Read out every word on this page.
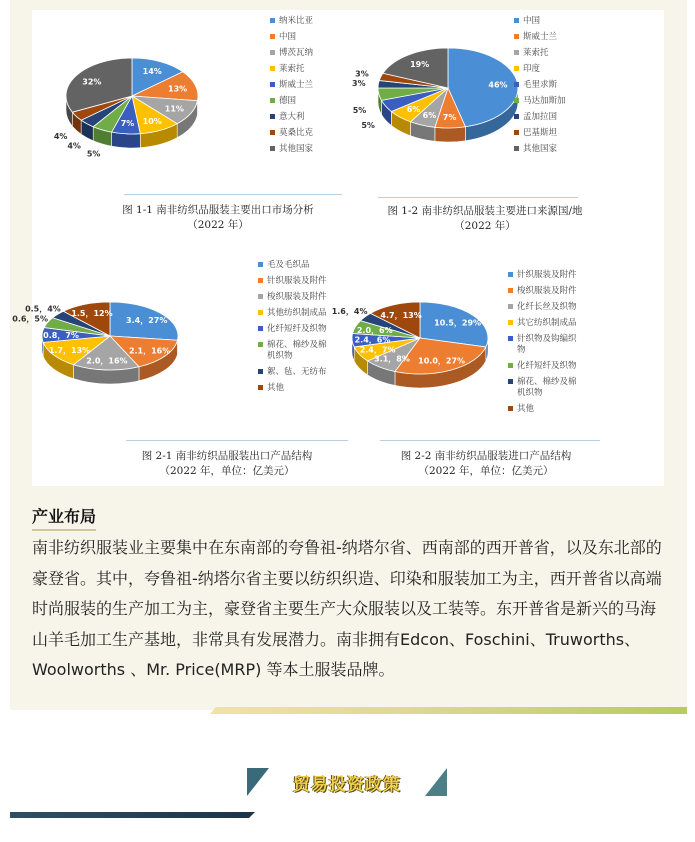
14%
13%
11%
10%
7%
5%
4%
4%
32%
纳米比亚
中国
博茨瓦纳
莱索托
斯威士兰
德国
意大利
莫桑比克
其他国家
图 1-1 南非纺织品服装主要出口市场分析
（2022 年）
46%
7%
6%
6%
5%
5%
3%
3%
19%
中国
斯威士兰
莱索托
印度
毛里求斯
马达加斯加
孟加拉国
巴基斯坦
其他国家
图 1-2 南非纺织品服装主要进口来源国/地
（2022 年）
3.4，27%
2.1，16%
2.0，16%
1.7，13%
0.8，7%
0.6，5%
0.5，4%
1.5，12%
毛及毛织品
针织服装及附件
梭织服装及附件
其他纺织制成品
化纤短纤及织物
棉花、棉纱及棉机织物
絮、毡、无纺布
其他
图 2-1 南非纺织品服装出口产品结构
（2022 年，单位：亿美元）
10.5，29%
10.0，27%
3.1，8%
2.4，7%
2.4，6%
2.0，6%
1.6，4% 4.7，13%
针织服装及附件
梭织服装及附件
化纤长丝及织物
其它纺织制成品
针织物及钩编织物
化纤短纤及织物
棉花、棉纱及棉机织物
其他
图 2-2 南非纺织品服装进口产品结构
（2022 年，单位：亿美元）
产业布局
南非纺织服装业主要集中在东南部的夸鲁祖-纳塔尔省、西南部的西开普省，以及东北部的豪登省。其中，夸鲁祖-纳塔尔省主要以纺织织造、印染和服装加工为主，西开普省以高端时尚服装的生产加工为主，豪登省主要生产大众服装以及工装等。东开普省是新兴的马海山羊毛加工生产基地，非常具有发展潜力。南非拥有Edcon、Foschini、Truworths、Woolworths 、Mr. Price(MRP) 等本土服装品牌。
贸易投资政策
